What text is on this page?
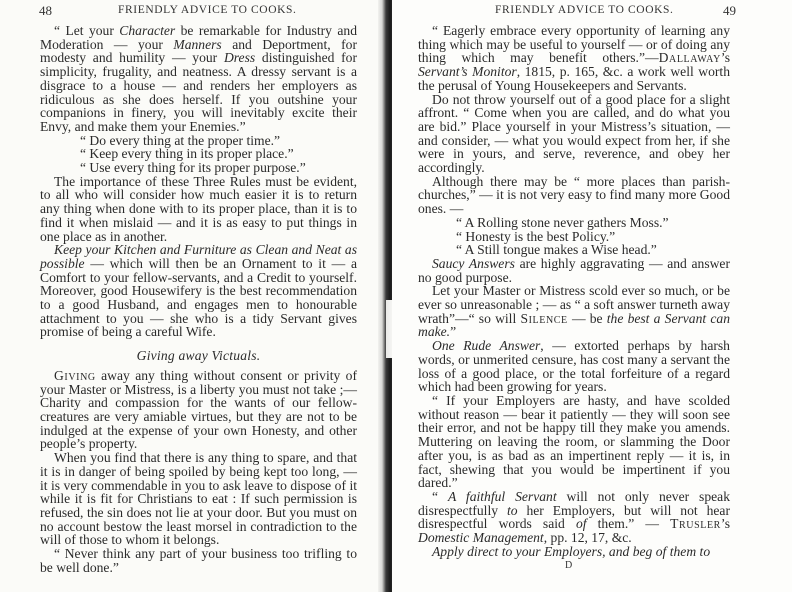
48	FRIENDLY ADVICE TO COOKS.

“ Let your Character be remarkable for Industry and Moderation — your Manners and Deportment, for modesty and humility — your Dress distinguished for simplicity, frugality, and neatness. A dressy servant is a disgrace to a house — and renders her employers as ridiculous as she does herself. If you outshine your companions in finery, you will inevitably excite their Envy, and make them your Enemies.”

“ Do every thing at the proper time.”

“ Keep every thing in its proper place.”

“ Use every thing for its proper purpose.”

The importance of these Three Rules must be evident, to all who will consider how much easier it is to return any thing when done with to its proper place, than it is to find it when mislaid — and it is as easy to put things in one place as in another.

Keep your Kitchen and Furniture as Clean and Neat as possible — which will then be an Ornament to it — a Comfort to your fellow-servants, and a Credit to yourself. Moreover, good Housewifery is the best recommendation to a good Husband, and engages men to honourable attachment to you — she who is a tidy Servant gives promise of being a careful Wife.

Giving away Victuals.

Giving away any thing without consent or privity of your Master or Mistress, is a liberty you must not take ;— Charity and compassion for the wants of our fellow-creatures are very amiable virtues, but they are not to be indulged at the expense of your own Honesty, and other people’s property.

When you find that there is any thing to spare, and that it is in danger of being spoiled by being kept too long, — it is very commendable in you to ask leave to dispose of it while it is fit for Christians to eat : If such permission is refused, the sin does not lie at your door. But you must on no account bestow the least morsel in contradiction to the will of those to whom it belongs.

“ Never think any part of your business too trifling to be well done.”

FRIENDLY ADVICE TO COOKS.	49

“ Eagerly embrace every opportunity of learning any thing which may be useful to yourself — or of doing any thing which may benefit others.”—Dallaway’s Servant’s Monitor, 1815, p. 165, &c. a work well worth the perusal of Young Housekeepers and Servants.

Do not throw yourself out of a good place for a slight affront. “ Come when you are called, and do what you are bid.” Place yourself in your Mistress’s situation, — and consider, — what you would expect from her, if she were in yours, and serve, reverence, and obey her accordingly.

Although there may be “ more places than parish-churches,” — it is not very easy to find many more Good ones. —

“ A Rolling stone never gathers Moss.”

“ Honesty is the best Policy.”

“ A Still tongue makes a Wise head.”

Saucy Answers are highly aggravating — and answer no good purpose.

Let your Master or Mistress scold ever so much, or be ever so unreasonable ; — as “ a soft answer turneth away wrath”—“ so will Silence — be the best a Servant can make.”

One Rude Answer, — extorted perhaps by harsh words, or unmerited censure, has cost many a servant the loss of a good place, or the total forfeiture of a regard which had been growing for years.

“ If your Employers are hasty, and have scolded without reason — bear it patiently — they will soon see their error, and not be happy till they make you amends. Muttering on leaving the room, or slamming the Door after you, is as bad as an impertinent reply — it is, in fact, shewing that you would be impertinent if you dared.”

“ A faithful Servant will not only never speak disrespectfully to her Employers, but will not hear disrespectful words said of them.” — Trusler’s Domestic Management, pp. 12, 17, &c.

Apply direct to your Employers, and beg of them to

D
